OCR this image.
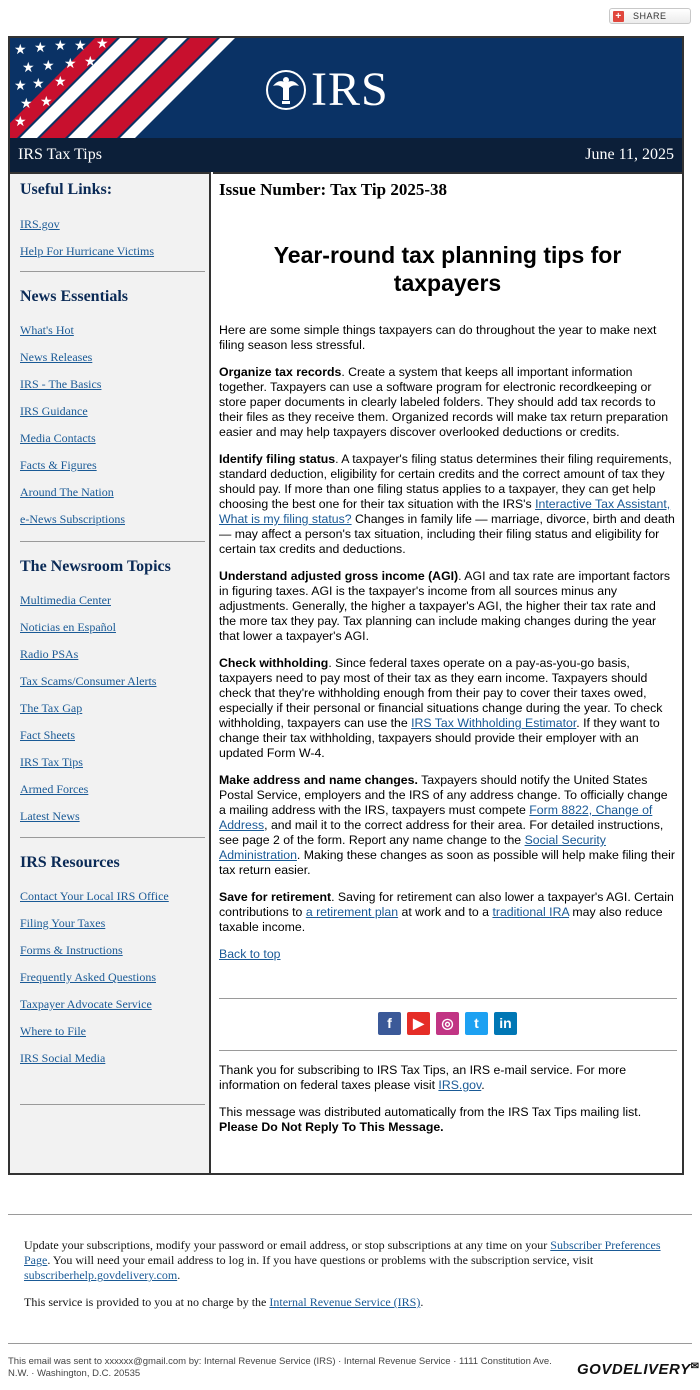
+ SHARE
★ ★ ★ ★ ★
★ ★ ★ ★
★ ★ ★
★ ★
★
IRS
IRS Tax Tips	June 11, 2025
Useful Links:
IRS.gov
Help For Hurricane Victims
News Essentials
What's Hot
News Releases
IRS - The Basics
IRS Guidance
Media Contacts
Facts & Figures
Around The Nation
e-News Subscriptions
The Newsroom Topics
Multimedia Center
Noticias en Español
Radio PSAs
Tax Scams/Consumer Alerts
The Tax Gap
Fact Sheets
IRS Tax Tips
Armed Forces
Latest News
IRS Resources
Contact Your Local IRS Office
Filing Your Taxes
Forms & Instructions
Frequently Asked Questions
Taxpayer Advocate Service
Where to File
IRS Social Media
Issue Number: Tax Tip 2025-38
Year-round tax planning tips for taxpayers
Here are some simple things taxpayers can do throughout the year to make next filing season less stressful.
Organize tax records. Create a system that keeps all important information together. Taxpayers can use a software program for electronic recordkeeping or store paper documents in clearly labeled folders. They should add tax records to their files as they receive them. Organized records will make tax return preparation easier and may help taxpayers discover overlooked deductions or credits.
Identify filing status. A taxpayer's filing status determines their filing requirements, standard deduction, eligibility for certain credits and the correct amount of tax they should pay. If more than one filing status applies to a taxpayer, they can get help choosing the best one for their tax situation with the IRS's Interactive Tax Assistant, What is my filing status? Changes in family life — marriage, divorce, birth and death — may affect a person's tax situation, including their filing status and eligibility for certain tax credits and deductions.
Understand adjusted gross income (AGI). AGI and tax rate are important factors in figuring taxes. AGI is the taxpayer's income from all sources minus any adjustments. Generally, the higher a taxpayer's AGI, the higher their tax rate and the more tax they pay. Tax planning can include making changes during the year that lower a taxpayer's AGI.
Check withholding. Since federal taxes operate on a pay-as-you-go basis, taxpayers need to pay most of their tax as they earn income. Taxpayers should check that they're withholding enough from their pay to cover their taxes owed, especially if their personal or financial situations change during the year. To check withholding, taxpayers can use the IRS Tax Withholding Estimator. If they want to change their tax withholding, taxpayers should provide their employer with an updated Form W-4.
Make address and name changes. Taxpayers should notify the United States Postal Service, employers and the IRS of any address change. To officially change a mailing address with the IRS, taxpayers must compete Form 8822, Change of Address, and mail it to the correct address for their area. For detailed instructions, see page 2 of the form. Report any name change to the Social Security Administration. Making these changes as soon as possible will help make filing their tax return easier.
Save for retirement. Saving for retirement can also lower a taxpayer's AGI. Certain contributions to a retirement plan at work and to a traditional IRA may also reduce taxable income.
Back to top
f	▶	◎	t	in
Thank you for subscribing to IRS Tax Tips, an IRS e-mail service. For more information on federal taxes please visit IRS.gov.
This message was distributed automatically from the IRS Tax Tips mailing list. Please Do Not Reply To This Message.
Update your subscriptions, modify your password or email address, or stop subscriptions at any time on your Subscriber Preferences Page. You will need your email address to log in. If you have questions or problems with the subscription service, visit subscriberhelp.govdelivery.com.
This service is provided to you at no charge by the Internal Revenue Service (IRS).
This email was sent to xxxxxx@gmail.com by: Internal Revenue Service (IRS) · Internal Revenue Service · 1111 Constitution Ave. N.W. · Washington, D.C. 20535	GOVDELIVERY✉
